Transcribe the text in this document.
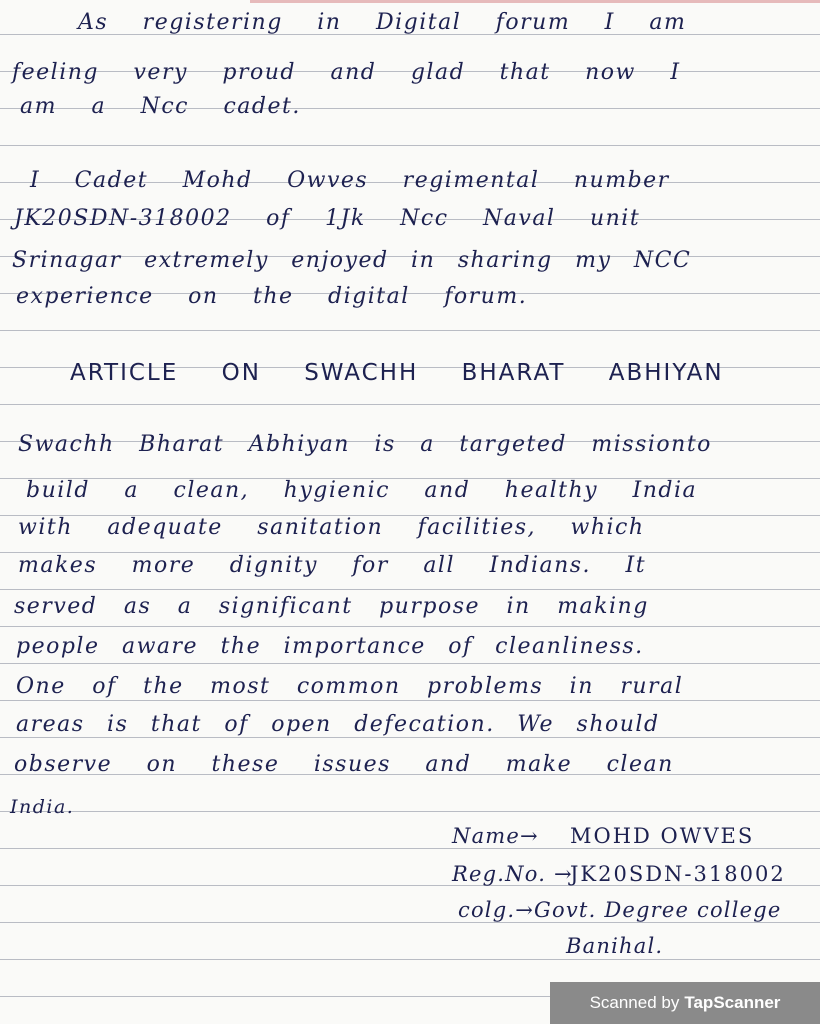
As registering in Digital forum I am
feeling very proud and glad that now I
am a Ncc cadet.
I Cadet Mohd Owves regimental number
JK20SDN-318002 of 1Jk Ncc Naval unit
Srinagar extremely enjoyed in sharing my NCC
experience on the digital forum.
ARTICLE ON SWACHH BHARAT ABHIYAN
Swachh Bharat Abhiyan is a targeted missionto
build a clean, hygienic and healthy India
with adequate sanitation facilities, which
makes more dignity for all Indians. It
served as a significant purpose in making
people aware the importance of cleanliness.
One of the most common problems in rural
areas is that of open defecation. We should
observe on these issues and make clean
India.
Name→ MOHD OWVES
Reg.No. →JK20SDN-318002
colg.→Govt. Degree college
Banihal.
Scanned by TapScanner
